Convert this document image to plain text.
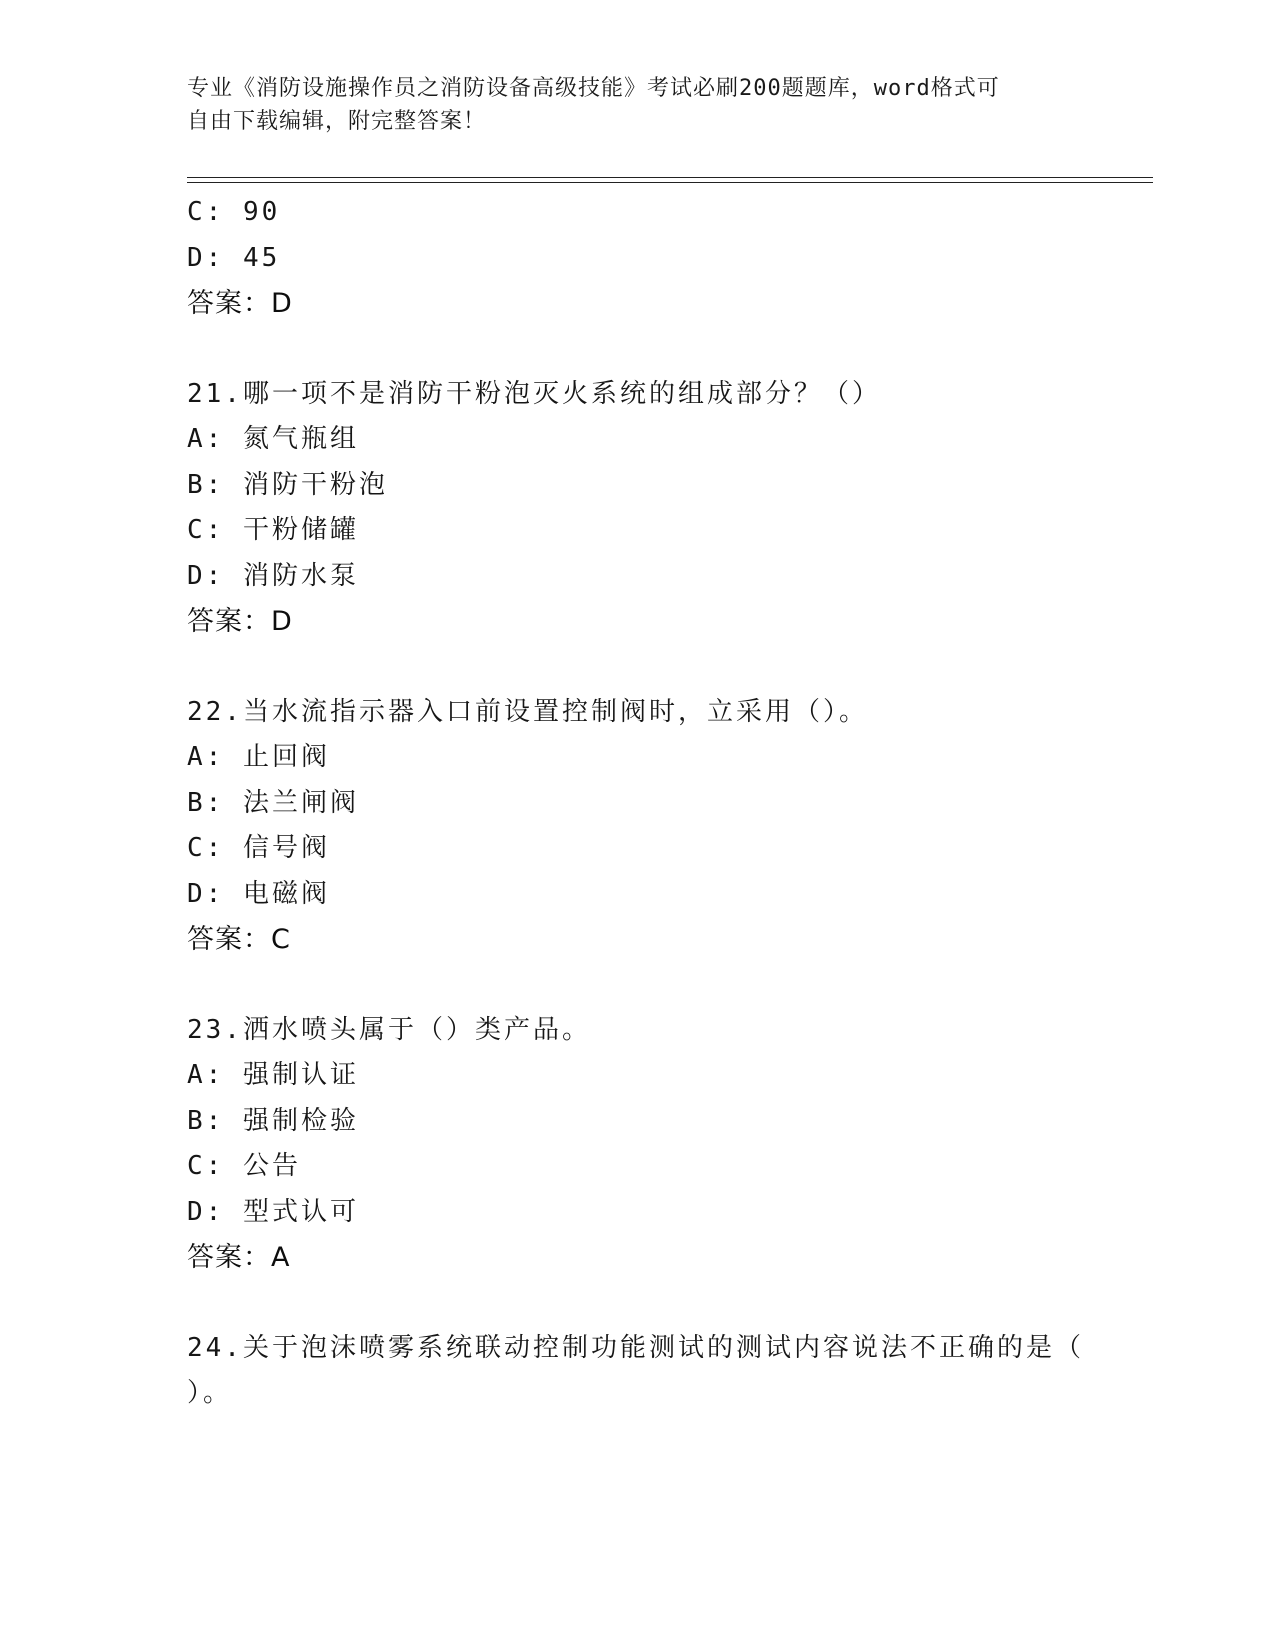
专业《消防设施操作员之消防设备高级技能》考试必刷200题题库，word格式可
自由下载编辑，附完整答案！
C: 90
D: 45
答案：D
21.哪一项不是消防干粉泡灭火系统的组成部分？（）
A: 氮气瓶组
B: 消防干粉泡
C: 干粉储罐
D: 消防水泵
答案：D
22.当水流指示器入口前设置控制阀时，立采用（）。
A: 止回阀
B: 法兰闸阀
C: 信号阀
D: 电磁阀
答案：C
23.洒水喷头属于（）类产品。
A: 强制认证
B: 强制检验
C: 公告
D: 型式认可
答案：A
24.关于泡沫喷雾系统联动控制功能测试的测试内容说法不正确的是（
）。
